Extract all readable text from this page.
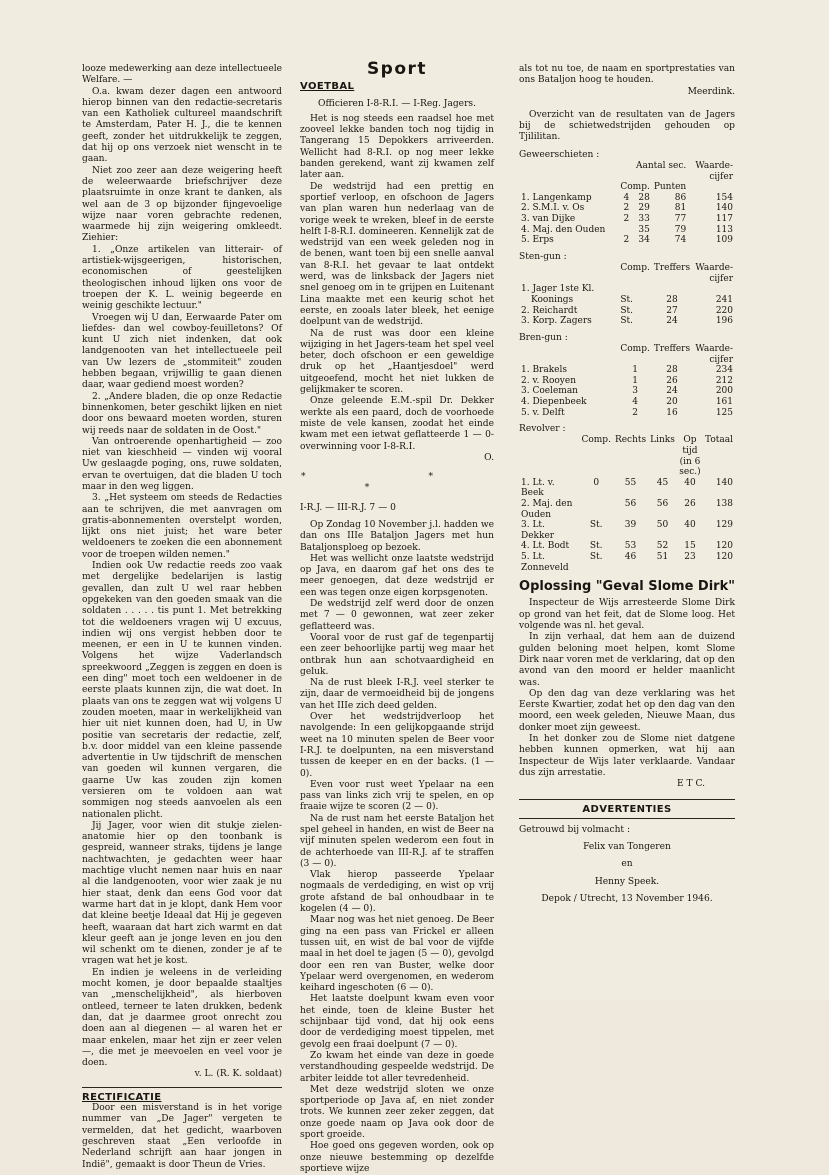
looze medewerking aan deze intellectueele Welfare. —

O.a. kwam dezer dagen een antwoord hierop binnen van den redactie-secretaris van een Katholiek cultureel maandschrift te Amsterdam, Pater H. J., die te kennen geeft, zonder het uitdrukkelijk te zeggen, dat hij op ons verzoek niet wenscht in te gaan.

Niet zoo zeer aan deze weigering heeft de weleerwaarde briefschrijver deze plaatsruimte in onze krant te danken, als wel aan de 3 op bijzonder fijngevoelige wijze naar voren gebrachte redenen, waarmede hij zijn weigering omkleedt. Ziehier:

1. „Onze artikelen van litterair- of artistiek-wijsgeerigen, historischen, economischen of geestelijken theologischen inhoud lijken ons voor de troepen der K. L. weinig begeerde en weinig geschikte lectuur."

Vroegen wij U dan, Eerwaarde Pater om liefdes- dan wel cowboy-feuilletons? Of kunt U zich niet indenken, dat ook landgenooten van het intellectueele peil van Uw lezers de „stommiteit" zouden hebben begaan, vrijwillig te gaan dienen daar, waar gediend moest worden?

2. „Andere bladen, die op onze Redactie binnenkomen, beter geschikt lijken en niet door ons bewaard moeten worden, sturen wij reeds naar de soldaten in de Oost."

Van ontroerende openhartigheid — zoo niet van kieschheid — vinden wij vooral Uw geslaagde poging, ons, ruwe soldaten, ervan te overtuigen, dat die bladen U toch maar in den weg liggen.

3. „Het systeem om steeds de Redacties aan te schrijven, die met aanvragen om gratis-abonnementen overstelpt worden, lijkt ons niet juist; het ware beter weldoeners te zoeken die een abonnement voor de troepen wilden nemen."

Indien ook Uw redactie reeds zoo vaak met dergelijke bedelarijen is lastig gevallen, dan zult U wel raar hebben opgekeken van den goeden smaak van die soldaten . . . . . tis punt 1. Met betrekking tot die weldoeners vragen wij U excuus, indien wij ons vergist hebben door te meenen, er een in U te kunnen vinden. Volgens het wijze Vaderlandsch spreekwoord „Zeggen is zeggen en doen is een ding" moet toch een weldoener in de eerste plaats kunnen zijn, die wat doet. In plaats van ons te zeggen wat wij volgens U zouden moeten, maar in werkelijkheid van hier uit niet kunnen doen, had U, in Uw positie van secretaris der redactie, zelf, b.v. door middel van een kleine passende advertentie in Uw tijdschrift de menschen van goeden wil kunnen vergaren, die gaarne Uw kas zouden zijn komen versieren om te voldoen aan wat sommigen nog steeds aanvoelen als een nationalen plicht.

Jij Jager, voor wien dit stukje zielen-anatomie hier op den toonbank is gespreid, wanneer straks, tijdens je lange nachtwachten, je gedachten weer haar machtige vlucht nemen naar huis en naar al die landgenooten, voor wier zaak je nu hier staat, denk dan eens God voor dat warme hart dat in je klopt, dank Hem voor dat kleine beetje Ideaal dat Hij je gegeven heeft, waaraan dat hart zich warmt en dat kleur geeft aan je jonge leven en jou den wil schenkt om te dienen, zonder je af te vragen wat het je kost.

En indien je weleens in de verleiding mocht komen, je door bepaalde staaltjes van „menschelijkheid", als hierboven ontleed, terneer te laten drukken, bedenk dan, dat je daarmee groot onrecht zou doen aan al diegenen — al waren het er maar enkelen, maar het zijn er zeer velen —, die met je meevoelen en veel voor je doen.

v. L. (R. K. soldaat)

RECTIFICATIE

Door een misverstand is in het vorige nummer van „De Jager" vergeten te vermelden, dat het gedicht, waarboven geschreven staat „Een verloofde in Nederland schrijft aan haar jongen in Indië", gemaakt is door Theun de Vries.

Sport

VOETBAL

Officieren I-8-R.I. — I-Reg. Jagers.

Het is nog steeds een raadsel hoe met zooveel lekke banden toch nog tijdig in Tangerang 15 Depokkers arriveerden. Wellicht had 8-R.I. op nog meer lekke banden gerekend, want zij kwamen zelf later aan.

De wedstrijd had een prettig en sportief verloop, en ofschoon de Jagers van plan waren hun nederlaag van de vorige week te wreken, bleef in de eerste helft I-8-R.I. domineeren. Kennelijk zat de wedstrijd van een week geleden nog in de benen, want toen bij een snelle aanval van 8-R.I. het gevaar te laat ontdekt werd, was de linksback der Jagers niet snel genoeg om in te grijpen en Luitenant Lina maakte met een keurig schot het eerste, en zooals later bleek, het eenige doelpunt van de wedstrijd.

Na de rust was door een kleine wijziging in het Jagers-team het spel veel beter, doch ofschoon er een geweldige druk op het „Haantjesdoel" werd uitgeoefend, mocht het niet lukken de gelijkmaker te scoren.

Onze geleende E.M.-spil Dr. Dekker werkte als een paard, doch de voorhoede miste de vele kansen, zoodat het einde kwam met een ietwat geflatteerde 1 — 0-overwinning voor I-8-R.I.

O.

* * *

I-R.J. — III-R.J. 7 — 0

Op Zondag 10 November j.l. hadden we dan ons IIIe Bataljon Jagers met hun Bataljonsploeg op bezoek.

Het was wellicht onze laatste wedstrijd op Java, en daarom gaf het ons des te meer genoegen, dat deze wedstrijd er een was tegen onze eigen korpsgenoten.

De wedstrijd zelf werd door de onzen met 7 — 0 gewonnen, wat zeer zeker geflatteerd was.

Vooral voor de rust gaf de tegenpartij een zeer behoorlijke partij weg maar het ontbrak hun aan schotvaardigheid en geluk.

Na de rust bleek I-R.J. veel sterker te zijn, daar de vermoeidheid bij de jongens van het IIIe zich deed gelden.

Over het wedstrijdverloop het navolgende: In een gelijkopgaande strijd weet na 10 minuten spelen de Beer voor I-R.J. te doelpunten, na een misverstand tussen de keeper en en der backs. (1 — 0).

Even voor rust weet Ypelaar na een pass van links zich vrij te spelen, en op fraaie wijze te scoren (2 — 0).

Na de rust nam het eerste Bataljon het spel geheel in handen, en wist de Beer na vijf minuten spelen wederom een fout in de achterhoede van III-R.J. af te straffen (3 — 0).

Vlak hierop passeerde Ypelaar nogmaals de verdediging, en wist op vrij grote afstand de bal onhoudbaar in te kogelen (4 — 0).

Maar nog was het niet genoeg. De Beer ging na een pass van Frickel er alleen tussen uit, en wist de bal voor de vijfde maal in het doel te jagen (5 — 0), gevolgd door een ren van Buster, welke door Ypelaar werd overgenomen, en wederom keihard ingeschoten (6 — 0).

Het laatste doelpunt kwam even voor het einde, toen de kleine Buster het schijnbaar tijd vond, dat hij ook eens door de verdediging moest tippelen, met gevolg een fraai doelpunt (7 — 0).

Zo kwam het einde van deze in goede verstandhouding gespeelde wedstrijd. De arbiter leidde tot aller tevredenheid.

Met deze wedstrijd sloten we onze sportperiode op Java af, en niet zonder trots. We kunnen zeer zeker zeggen, dat onze goede naam op Java ook door de sport groeide.

Hoe goed ons gegeven worden, ook op onze nieuwe bestemming op dezelfde sportieve wijze

als tot nu toe, de naam en sportprestaties van ons Bataljon hoog te houden.

Meerdink.

Overzicht van de resultaten van de Jagers bij de schietwedstrijden gehouden op Tjililitan.

Geweerschieten :

	Aantal sec.			Waarde-cijfer
	Comp.		Punten	
1. Langenkamp	4	28	86	154
2. S.M.I. v. Os	2	29	81	140
3. van Dijke	2	33	77	117
4. Maj. den Ouden		35	79	113
5. Erps	2	34	74	109

Sten-gun :

	Comp.	Treffers	Waarde-cijfer
1. Jager 1ste Kl.			
Koonings	St.	28	241
2. Reichardt	St.	27	220
3. Korp. Zagers	St.	24	196

Bren-gun :

	Comp.	Treffers	Waarde-cijfer
1. Brakels	1	28	234
2. v. Rooyen	1	26	212
3. Coeleman	3	24	200
4. Diepenbeek	4	20	161
5. v. Delft	2	16	125

Revolver :

	Comp.	Rechts	Links	Op tijd (in 6 sec.)	Totaal
1. Lt. v. Beek	0	55	45	40	140
2. Maj. den Ouden		56	56	26	138
3. Lt. Dekker	St.	39	50	40	129
4. Lt. Bodt	St.	53	52	15	120
5. Lt. Zonneveld	St.	46	51	23	120

Oplossing "Geval Slome Dirk"

Inspecteur de Wijs arresteerde Slome Dirk op grond van het feit, dat de Slome loog. Het volgende was nl. het geval.

In zijn verhaal, dat hem aan de duizend gulden beloning moet helpen, komt Slome Dirk naar voren met de verklaring, dat op den avond van den moord er helder maanlicht was.

Op den dag van deze verklaring was het Eerste Kwartier, zodat het op den dag van den moord, een week geleden, Nieuwe Maan, dus donker moet zijn geweest.

In het donker zou de Slome niet datgene hebben kunnen opmerken, wat hij aan Inspecteur de Wijs later verklaarde. Vandaar dus zijn arrestatie.

E T C.

ADVERTENTIES

Getrouwd bij volmacht :

Felix van Tongeren

en

Henny Speek.

Depok / Utrecht, 13 November 1946.
